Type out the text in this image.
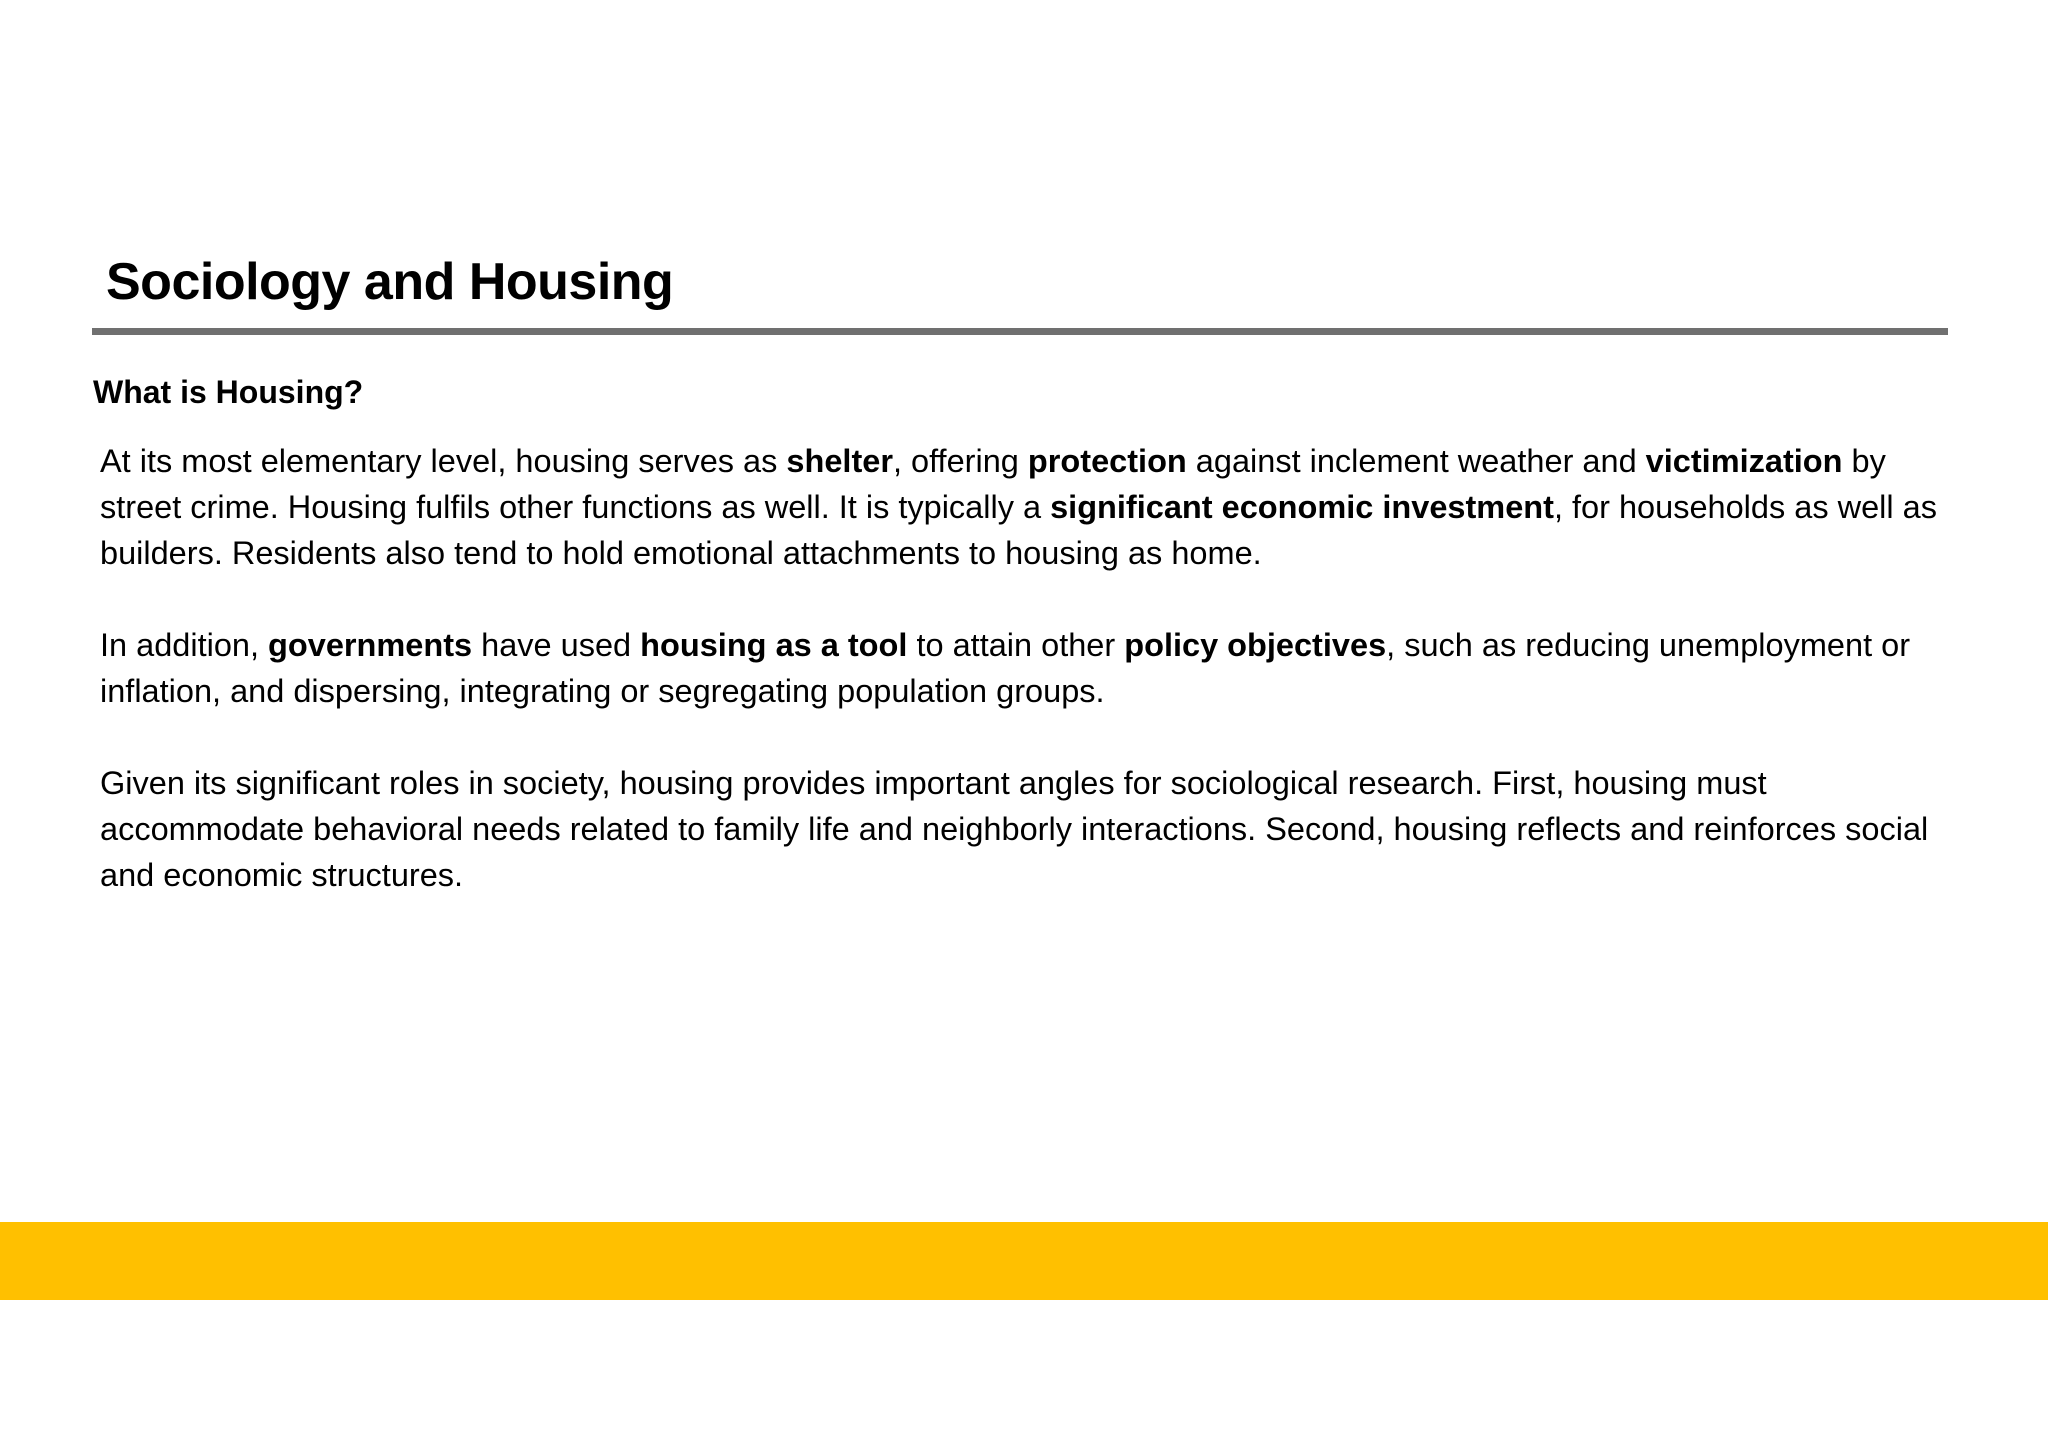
Sociology and Housing
What is Housing?

At its most elementary level, housing serves as shelter, offering protection against inclement weather and victimization by street crime. Housing fulfils other functions as well. It is typically a significant economic investment, for households as well as builders. Residents also tend to hold emotional attachments to housing as home.

In addition, governments have used housing as a tool to attain other policy objectives, such as reducing unemployment or inflation, and dispersing, integrating or segregating population groups.

Given its significant roles in society, housing provides important angles for sociological research. First, housing must accommodate behavioral needs related to family life and neighborly interactions. Second, housing reflects and reinforces social and economic structures.
